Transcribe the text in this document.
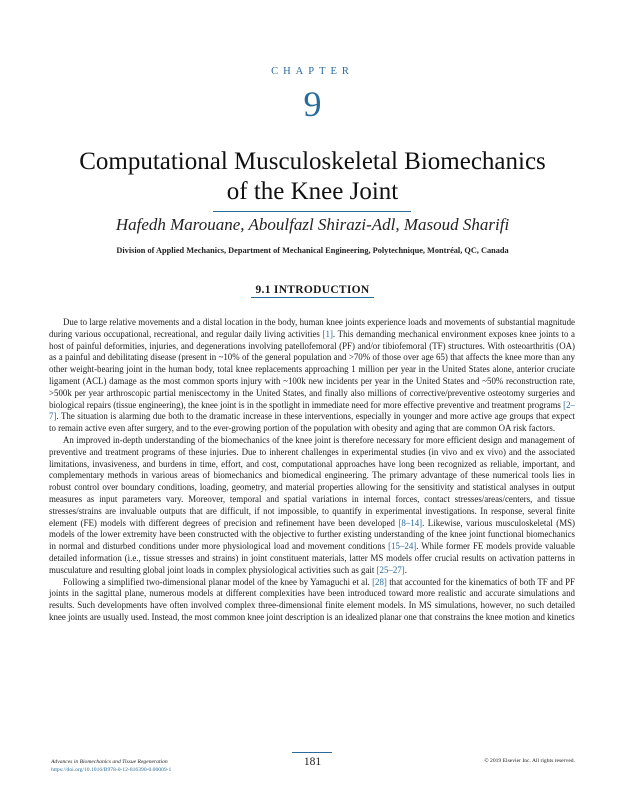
CHAPTER
9
Computational Musculoskeletal Biomechanics
of the Knee Joint
Hafedh Marouane, Aboulfazl Shirazi-Adl, Masoud Sharifi
Division of Applied Mechanics, Department of Mechanical Engineering, Polytechnique, Montréal, QC, Canada
9.1 INTRODUCTION

Due to large relative movements and a distal location in the body, human knee joints experience loads and movements of substantial magnitude during various occupational, recreational, and regular daily living activities [1]. This demanding mechanical environment exposes knee joints to a host of painful deformities, injuries, and degenerations involving patellofemoral (PF) and/or tibiofemoral (TF) structures. With osteoarthritis (OA) as a painful and debilitating disease (present in ~10% of the general population and >70% of those over age 65) that affects the knee more than any other weight-bearing joint in the human body, total knee replacements approaching 1 million per year in the United States alone, anterior cruciate ligament (ACL) damage as the most common sports injury with ~100k new incidents per year in the United States and ~50% reconstruction rate, >500k per year arthroscopic partial meniscectomy in the United States, and finally also millions of corrective/preventive osteotomy surgeries and biological repairs (tissue engineering), the knee joint is in the spotlight in immediate need for more effective preventive and treatment programs [2–7]. The situation is alarming due both to the dramatic increase in these interventions, especially in younger and more active age groups that expect to remain active even after surgery, and to the ever-growing portion of the population with obesity and aging that are common OA risk factors.

An improved in-depth understanding of the biomechanics of the knee joint is therefore necessary for more efficient design and management of preventive and treatment programs of these injuries. Due to inherent challenges in experimental studies (in vivo and ex vivo) and the associated limitations, invasiveness, and burdens in time, effort, and cost, computational approaches have long been recognized as reliable, important, and complementary methods in various areas of biomechanics and biomedical engineering. The primary advantage of these numerical tools lies in robust control over boundary conditions, loading, geometry, and material properties allowing for the sensitivity and statistical analyses in output measures as input parameters vary. Moreover, temporal and spatial variations in internal forces, contact stresses/areas/centers, and tissue stresses/strains are invaluable outputs that are difficult, if not impossible, to quantify in experimental investigations. In response, several finite element (FE) models with different degrees of precision and refinement have been developed [8–14]. Likewise, various musculoskeletal (MS) models of the lower extremity have been constructed with the objective to further existing understanding of the knee joint functional biomechanics in normal and disturbed conditions under more physiological load and movement conditions [15–24]. While former FE models provide valuable detailed information (i.e., tissue stresses and strains) in joint constituent materials, latter MS models offer crucial results on activation patterns in musculature and resulting global joint loads in complex physiological activities such as gait [25–27].

Following a simplified two-dimensional planar model of the knee by Yamaguchi et al. [28] that accounted for the kinematics of both TF and PF joints in the sagittal plane, numerous models at different complexities have been introduced toward more realistic and accurate simulations and results. Such developments have often involved complex three-dimensional finite element models. In MS simulations, however, no such detailed knee joints are usually used. Instead, the most common knee joint description is an idealized planar one that constrains the knee motion and kinetics

181
Advances in Biomechanics and Tissue Regeneration
https://doi.org/10.1016/B978-0-12-816390-0.00009-1
© 2019 Elsevier Inc. All rights reserved.
